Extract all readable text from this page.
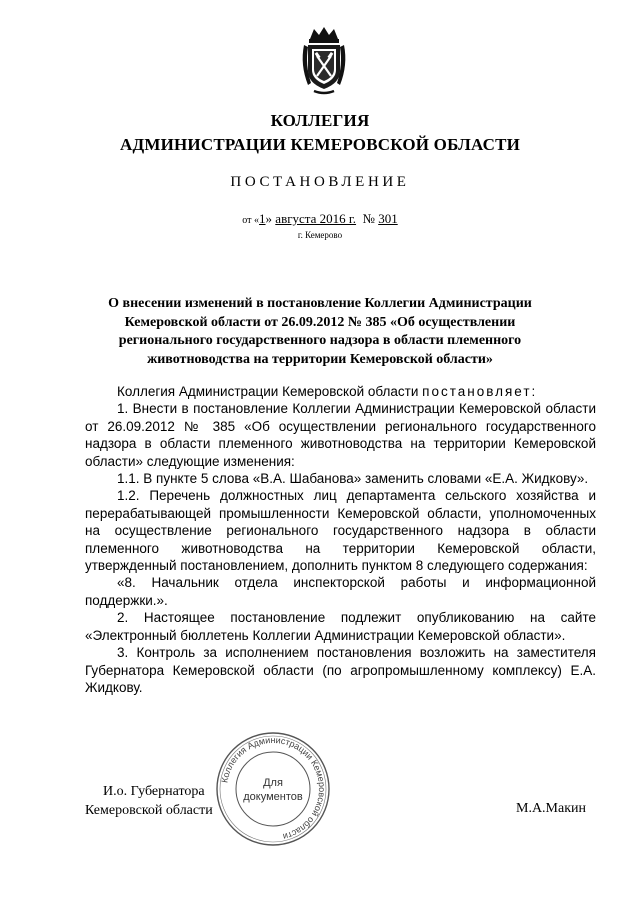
КОЛЛЕГИЯ
АДМИНИСТРАЦИИ КЕМЕРОВСКОЙ ОБЛАСТИ
ПОСТАНОВЛЕНИЕ
от «1» августа 2016 г. № 301
г. Кемерово
О внесении изменений в постановление Коллегии Администрации Кемеровской области от 26.09.2012 № 385 «Об осуществлении регионального государственного надзора в области племенного животноводства на территории Кемеровской области»

Коллегия Администрации Кемеровской области постановляет:

1. Внести в постановление Коллегии Администрации Кемеровской области от 26.09.2012 № 385 «Об осуществлении регионального государственного надзора в области племенного животноводства на территории Кемеровской области» следующие изменения:

1.1. В пункте 5 слова «В.А. Шабанова» заменить словами «Е.А. Жидкову».

1.2. Перечень должностных лиц департамента сельского хозяйства и перерабатывающей промышленности Кемеровской области, уполномоченных на осуществление регионального государственного надзора в области племенного животноводства на территории Кемеровской области, утвержденный постановлением, дополнить пунктом 8 следующего содержания:

«8. Начальник отдела инспекторской работы и информационной поддержки.».

2. Настоящее постановление подлежит опубликованию на сайте «Электронный бюллетень Коллегии Администрации Кемеровской области».

3. Контроль за исполнением постановления возложить на заместителя Губернатора Кемеровской области (по агропромышленному комплексу) Е.А. Жидкову.

Коллегия Администрации Кемеровской области
Для
документов
И.о. Губернатора
Кемеровской области	М.А.Макин
